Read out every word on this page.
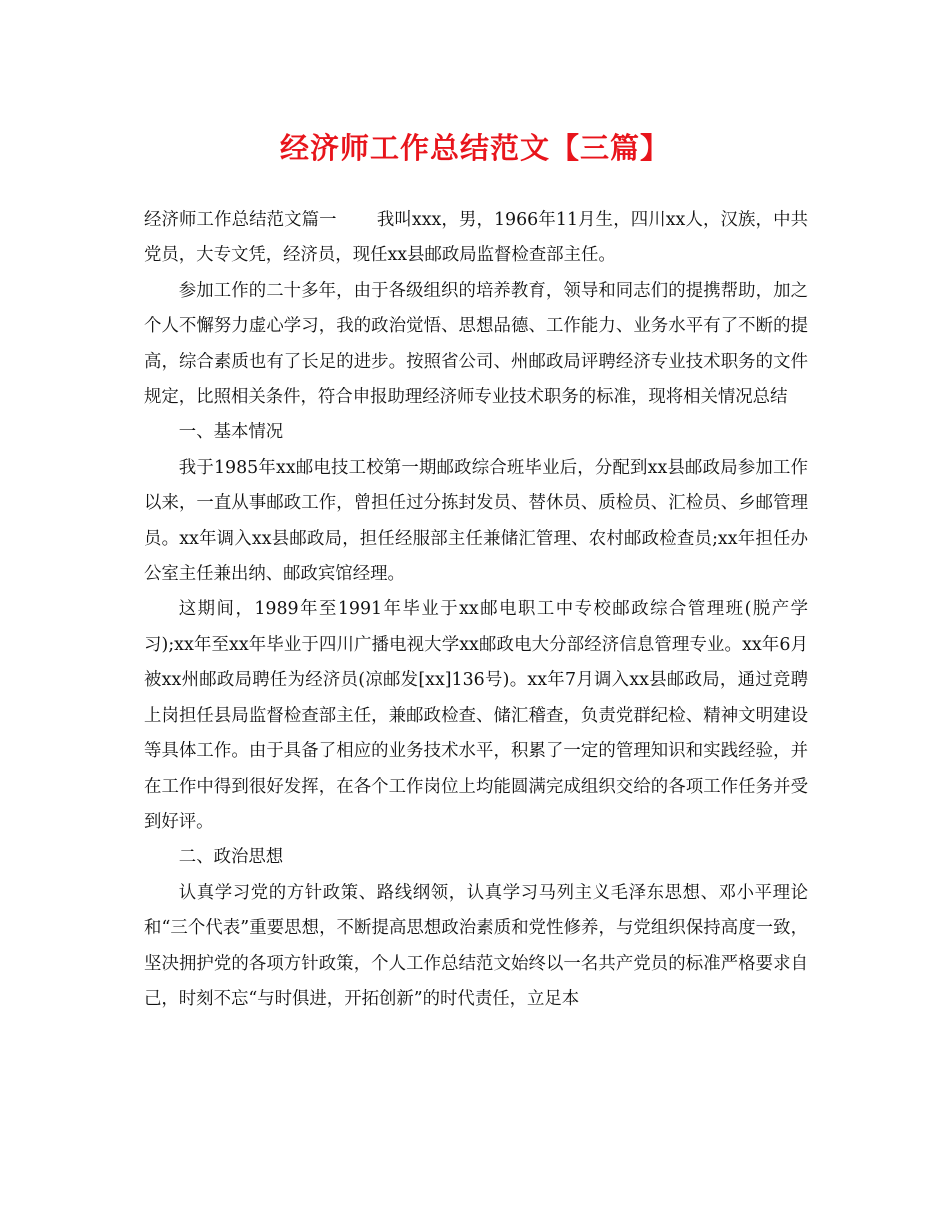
经济师工作总结范文【三篇】

经济师工作总结范文篇一 我叫xxx，男，1966年11月生，四川xx人，汉族，中共党员，大专文凭，经济员，现任xx县邮政局监督检查部主任。

参加工作的二十多年，由于各级组织的培养教育，领导和同志们的提携帮助，加之个人不懈努力虚心学习，我的政治觉悟、思想品德、工作能力、业务水平有了不断的提高，综合素质也有了长足的进步。按照省公司、州邮政局评聘经济专业技术职务的文件规定，比照相关条件，符合申报助理经济师专业技术职务的标准，现将相关情况总结

一、基本情况

我于1985年xx邮电技工校第一期邮政综合班毕业后，分配到xx县邮政局参加工作以来，一直从事邮政工作，曾担任过分拣封发员、替休员、质检员、汇检员、乡邮管理员。xx年调入xx县邮政局，担任经服部主任兼储汇管理、农村邮政检查员;xx年担任办公室主任兼出纳、邮政宾馆经理。

这期间，1989年至1991年毕业于xx邮电职工中专校邮政综合管理班(脱产学习);xx年至xx年毕业于四川广播电视大学xx邮政电大分部经济信息管理专业。xx年6月被xx州邮政局聘任为经济员(凉邮发[xx]136号)。xx年7月调入xx县邮政局，通过竞聘上岗担任县局监督检查部主任，兼邮政检查、储汇稽查，负责党群纪检、精神文明建设等具体工作。由于具备了相应的业务技术水平，积累了一定的管理知识和实践经验，并在工作中得到很好发挥，在各个工作岗位上均能圆满完成组织交给的各项工作任务并受到好评。

二、政治思想

认真学习党的方针政策、路线纲领，认真学习马列主义毛泽东思想、邓小平理论和“三个代表”重要思想，不断提高思想政治素质和党性修养，与党组织保持高度一致，坚决拥护党的各项方针政策，个人工作总结范文始终以一名共产党员的标准严格要求自己，时刻不忘“与时俱进，开拓创新”的时代责任，立足本
